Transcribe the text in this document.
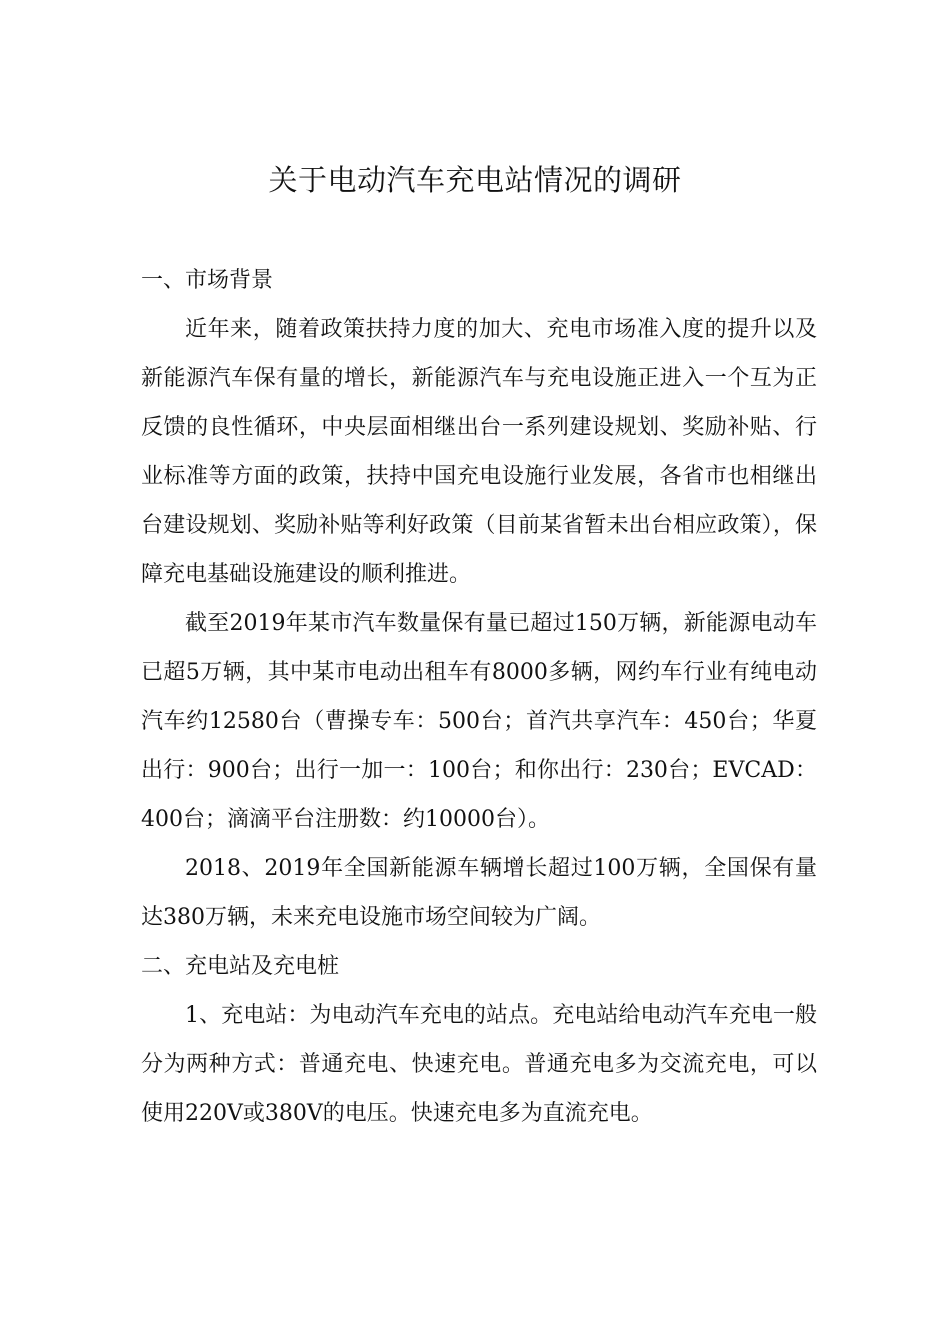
关于电动汽车充电站情况的调研

一、市场背景

近年来，随着政策扶持力度的加大、充电市场准入度的提升以及新能源汽车保有量的增长，新能源汽车与充电设施正进入一个互为正反馈的良性循环，中央层面相继出台一系列建设规划、奖励补贴、行业标准等方面的政策，扶持中国充电设施行业发展，各省市也相继出台建设规划、奖励补贴等利好政策（目前某省暂未出台相应政策），保障充电基础设施建设的顺利推进。

截至2019年某市汽车数量保有量已超过150万辆，新能源电动车已超5万辆，其中某市电动出租车有8000多辆，网约车行业有纯电动汽车约12580台（曹操专车：500台；首汽共享汽车：450台；华夏出行：900台；出行一加一：100台；和你出行：230台；EVCAD：400台；滴滴平台注册数：约10000台）。

2018、2019年全国新能源车辆增长超过100万辆，全国保有量达380万辆，未来充电设施市场空间较为广阔。

二、充电站及充电桩

1、充电站：为电动汽车充电的站点。充电站给电动汽车充电一般分为两种方式：普通充电、快速充电。普通充电多为交流充电，可以使用220V或380V的电压。快速充电多为直流充电。
